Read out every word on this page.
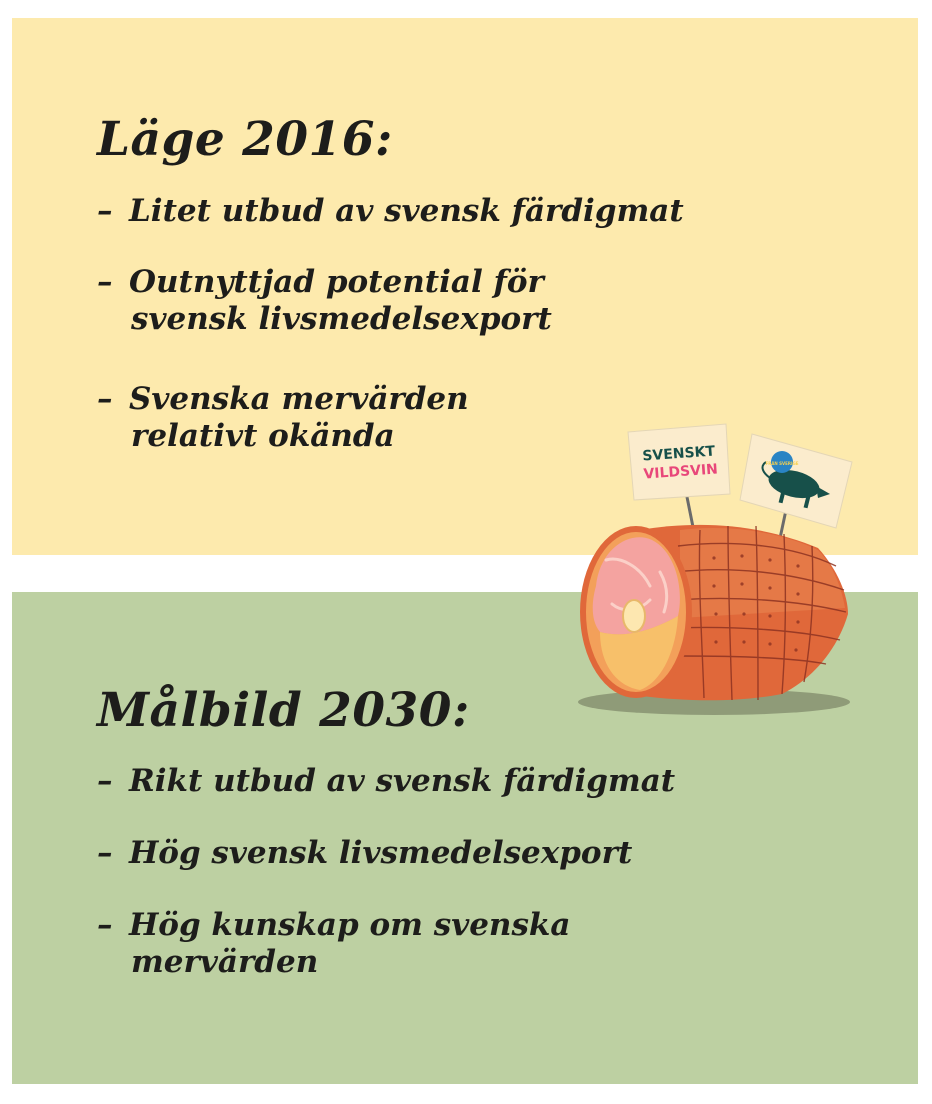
Läge 2016:

– Litet utbud av svensk färdigmat

– Outnyttjad potential för
svensk livsmedelsexport

– Svenska mervärden
relativt okända

Målbild 2030:

– Rikt utbud av svensk färdigmat

– Hög svensk livsmedelsexport

– Hög kunskap om svenska
mervärden

SVENSKT
VILDSVIN	FRÅN SVERIGE
